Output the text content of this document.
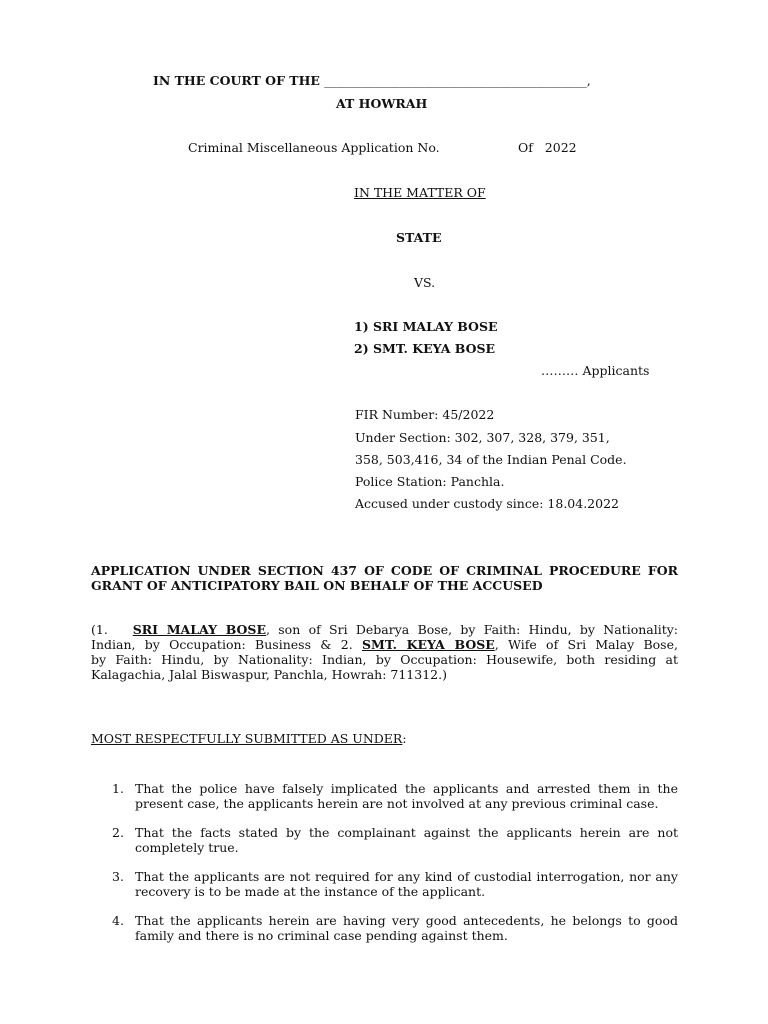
IN THE COURT OF THE __________________________________________,
AT HOWRAH
Criminal Miscellaneous Application No.	Of 2022
IN THE MATTER OF
STATE
VS.
1) SRI MALAY BOSE
2) SMT. KEYA BOSE
……… Applicants
FIR Number: 45/2022
Under Section: 302, 307, 328, 379, 351,
358, 503,416, 34 of the Indian Penal Code.
Police Station: Panchla.
Accused under custody since: 18.04.2022
APPLICATION UNDER SECTION 437 OF CODE OF CRIMINAL PROCEDURE FOR
GRANT OF ANTICIPATORY BAIL ON BEHALF OF THE ACCUSED
(1. SRI MALAY BOSE, son of Sri Debarya Bose, by Faith: Hindu, by Nationality:
Indian, by Occupation: Business & 2. SMT. KEYA BOSE, Wife of Sri Malay Bose,
by Faith: Hindu, by Nationality: Indian, by Occupation: Housewife, both residing at
Kalagachia, Jalal Biswaspur, Panchla, Howrah: 711312.)
MOST RESPECTFULLY SUBMITTED AS UNDER:
1. That the police have falsely implicated the applicants and arrested them in the present case, the applicants herein are not involved at any previous criminal case.
2. That the facts stated by the complainant against the applicants herein are not completely true.
3. That the applicants are not required for any kind of custodial interrogation, nor any recovery is to be made at the instance of the applicant.
4. That the applicants herein are having very good antecedents, he belongs to good family and there is no criminal case pending against them.
